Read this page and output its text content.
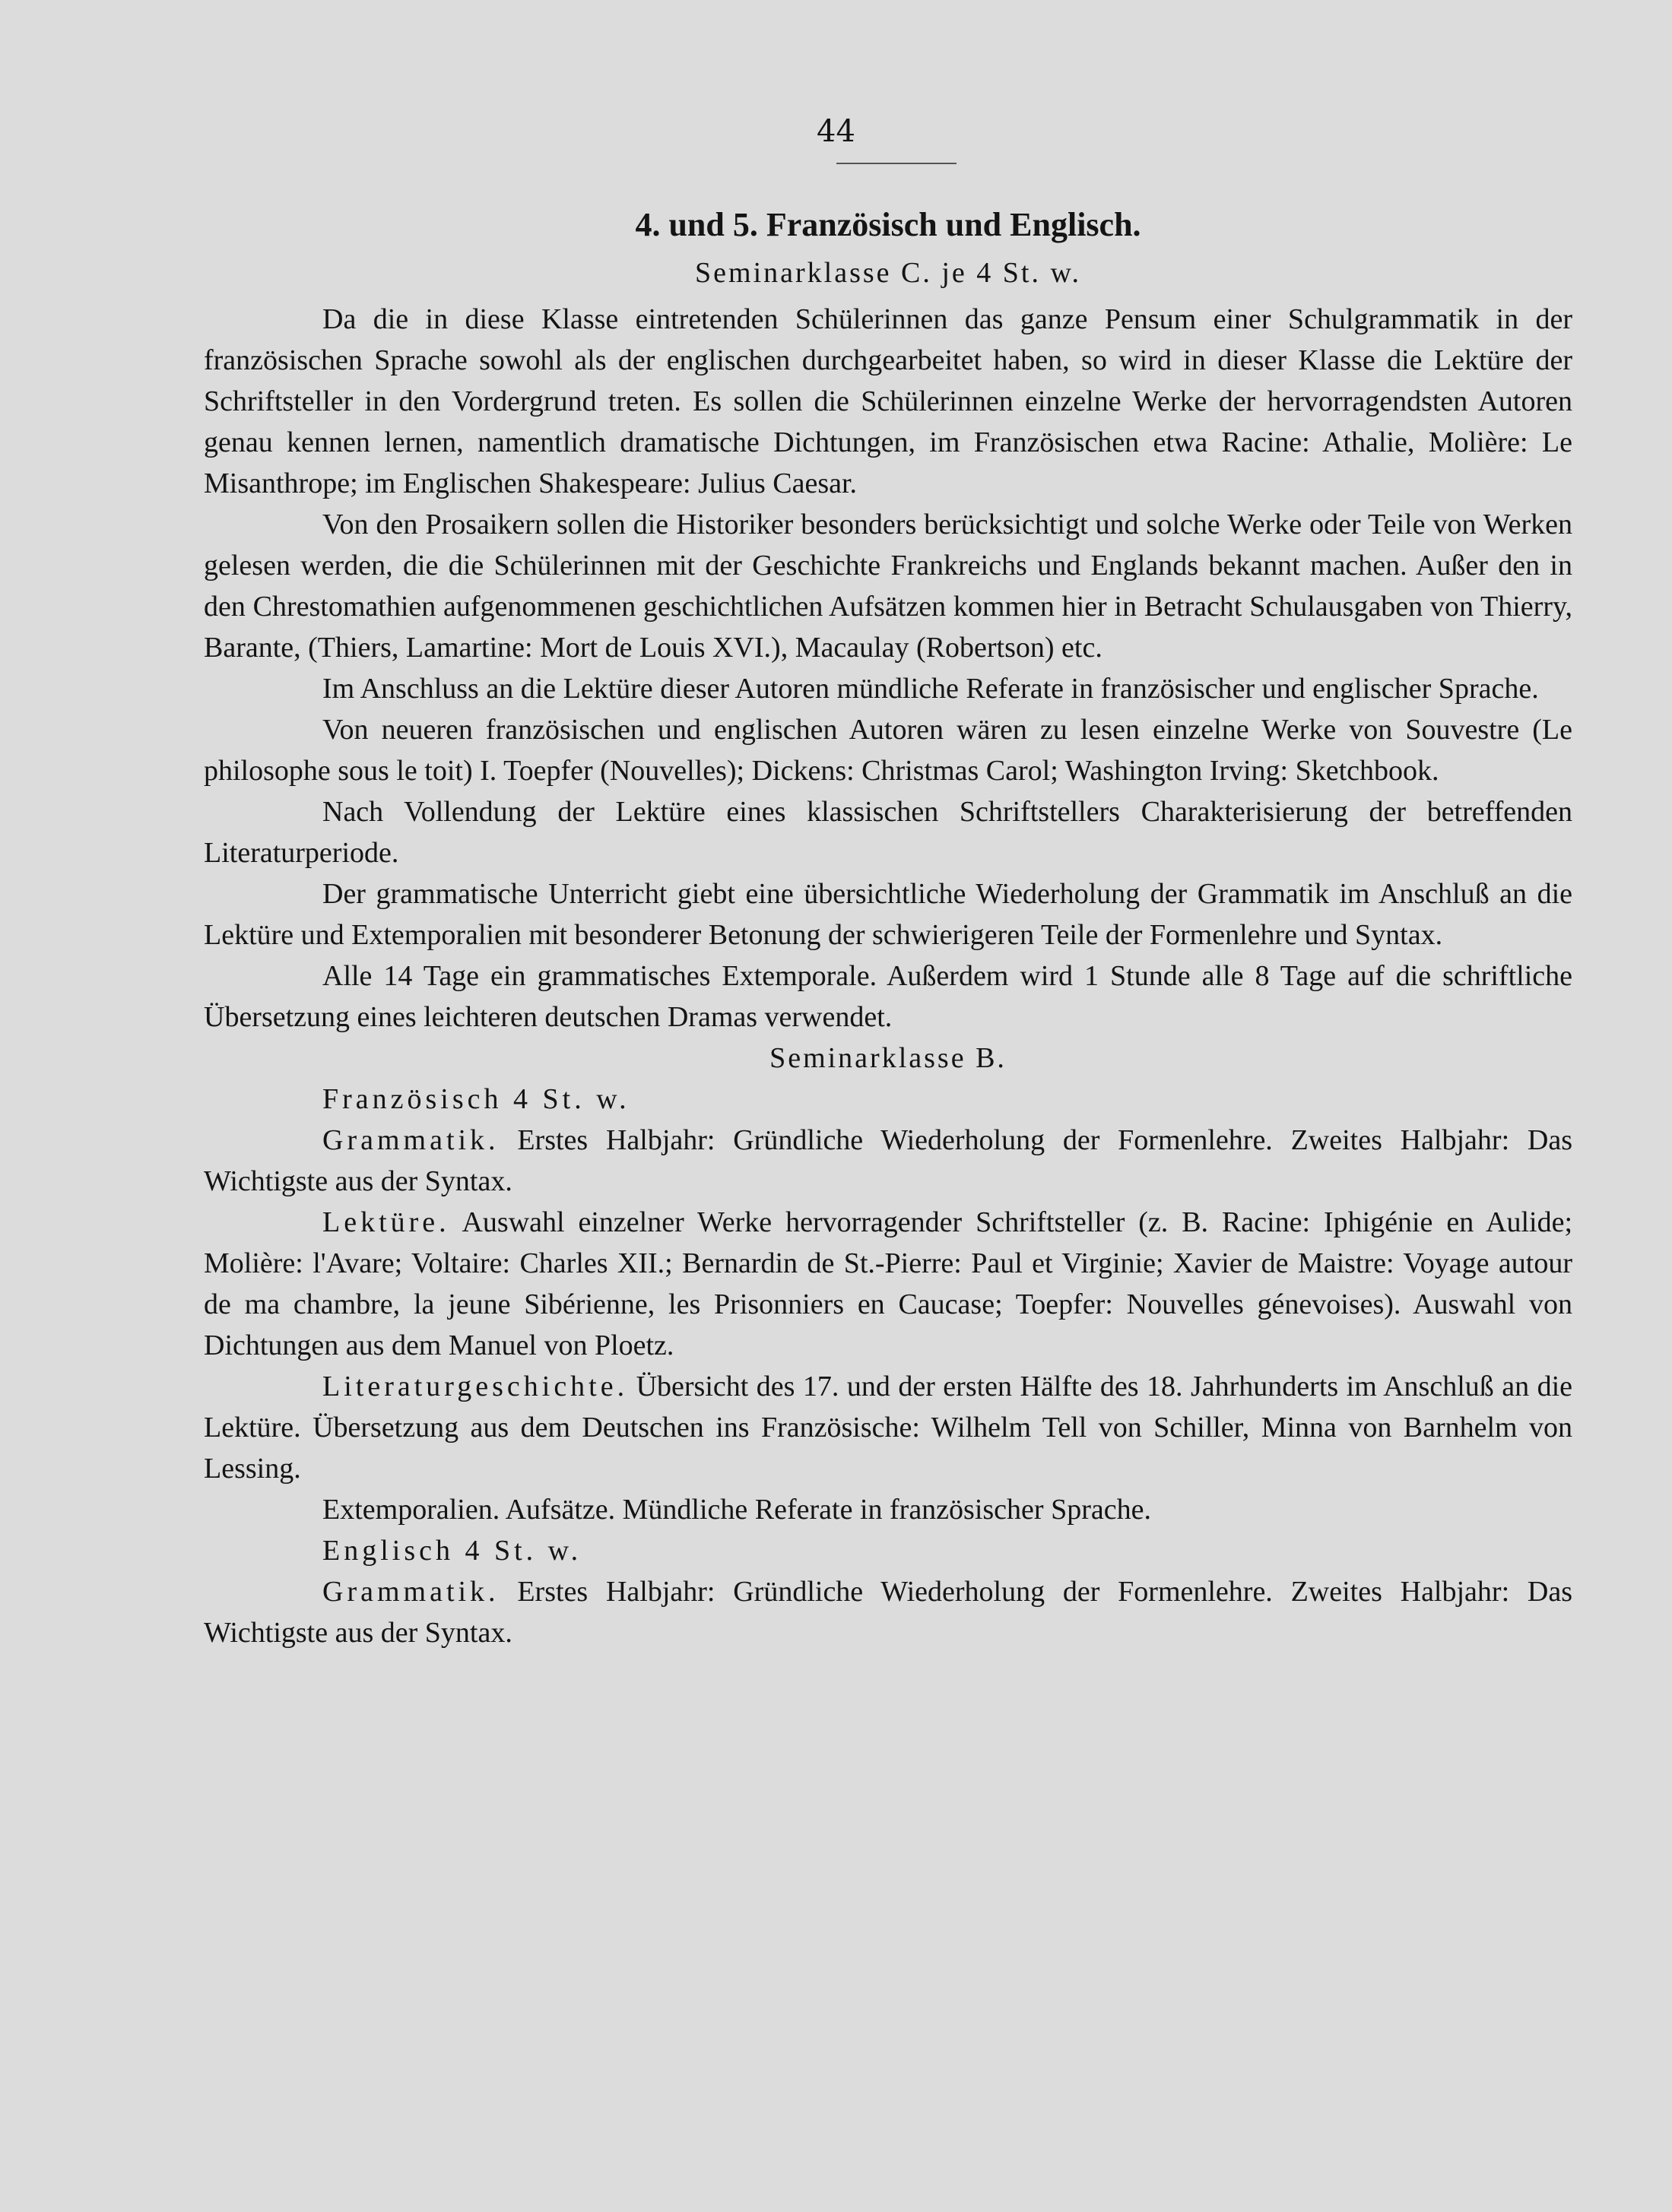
44

4. und 5. Französisch und Englisch.

Seminarklasse C. je 4 St. w.

Da die in diese Klasse eintretenden Schülerinnen das ganze Pensum einer Schulgrammatik in der französischen Sprache sowohl als der englischen durchgearbeitet haben, so wird in dieser Klasse die Lektüre der Schriftsteller in den Vordergrund treten. Es sollen die Schülerinnen einzelne Werke der hervorragendsten Autoren genau kennen lernen, namentlich dramatische Dichtungen, im Französischen etwa Racine: Athalie, Molière: Le Misanthrope; im Englischen Shakespeare: Julius Caesar.

Von den Prosaikern sollen die Historiker besonders berücksichtigt und solche Werke oder Teile von Werken gelesen werden, die die Schülerinnen mit der Geschichte Frankreichs und Englands bekannt machen. Außer den in den Chrestomathien aufgenommenen geschichtlichen Aufsätzen kommen hier in Betracht Schulausgaben von Thierry, Barante, (Thiers, Lamartine: Mort de Louis XVI.), Macaulay (Robertson) etc.

Im Anschluss an die Lektüre dieser Autoren mündliche Referate in französischer und englischer Sprache.

Von neueren französischen und englischen Autoren wären zu lesen einzelne Werke von Souvestre (Le philosophe sous le toit) I. Toepfer (Nouvelles); Dickens: Christmas Carol; Washington Irving: Sketchbook.

Nach Vollendung der Lektüre eines klassischen Schriftstellers Charakterisierung der betreffenden Literaturperiode.

Der grammatische Unterricht giebt eine übersichtliche Wiederholung der Grammatik im Anschluß an die Lektüre und Extemporalien mit besonderer Betonung der schwierigeren Teile der Formenlehre und Syntax.

Alle 14 Tage ein grammatisches Extemporale. Außerdem wird 1 Stunde alle 8 Tage auf die schriftliche Übersetzung eines leichteren deutschen Dramas verwendet.

Seminarklasse B.

Französisch 4 St. w.

Grammatik. Erstes Halbjahr: Gründliche Wiederholung der Formenlehre. Zweites Halbjahr: Das Wichtigste aus der Syntax.

Lektüre. Auswahl einzelner Werke hervorragender Schriftsteller (z. B. Racine: Iphigénie en Aulide; Molière: l'Avare; Voltaire: Charles XII.; Bernardin de St.-Pierre: Paul et Virginie; Xavier de Maistre: Voyage autour de ma chambre, la jeune Sibérienne, les Prisonniers en Caucase; Toepfer: Nouvelles génevoises). Auswahl von Dichtungen aus dem Manuel von Ploetz.

Literaturgeschichte. Übersicht des 17. und der ersten Hälfte des 18. Jahrhunderts im Anschluß an die Lektüre. Übersetzung aus dem Deutschen ins Französische: Wilhelm Tell von Schiller, Minna von Barnhelm von Lessing.

Extemporalien. Aufsätze. Mündliche Referate in französischer Sprache.

Englisch 4 St. w.

Grammatik. Erstes Halbjahr: Gründliche Wiederholung der Formenlehre. Zweites Halbjahr: Das Wichtigste aus der Syntax.
